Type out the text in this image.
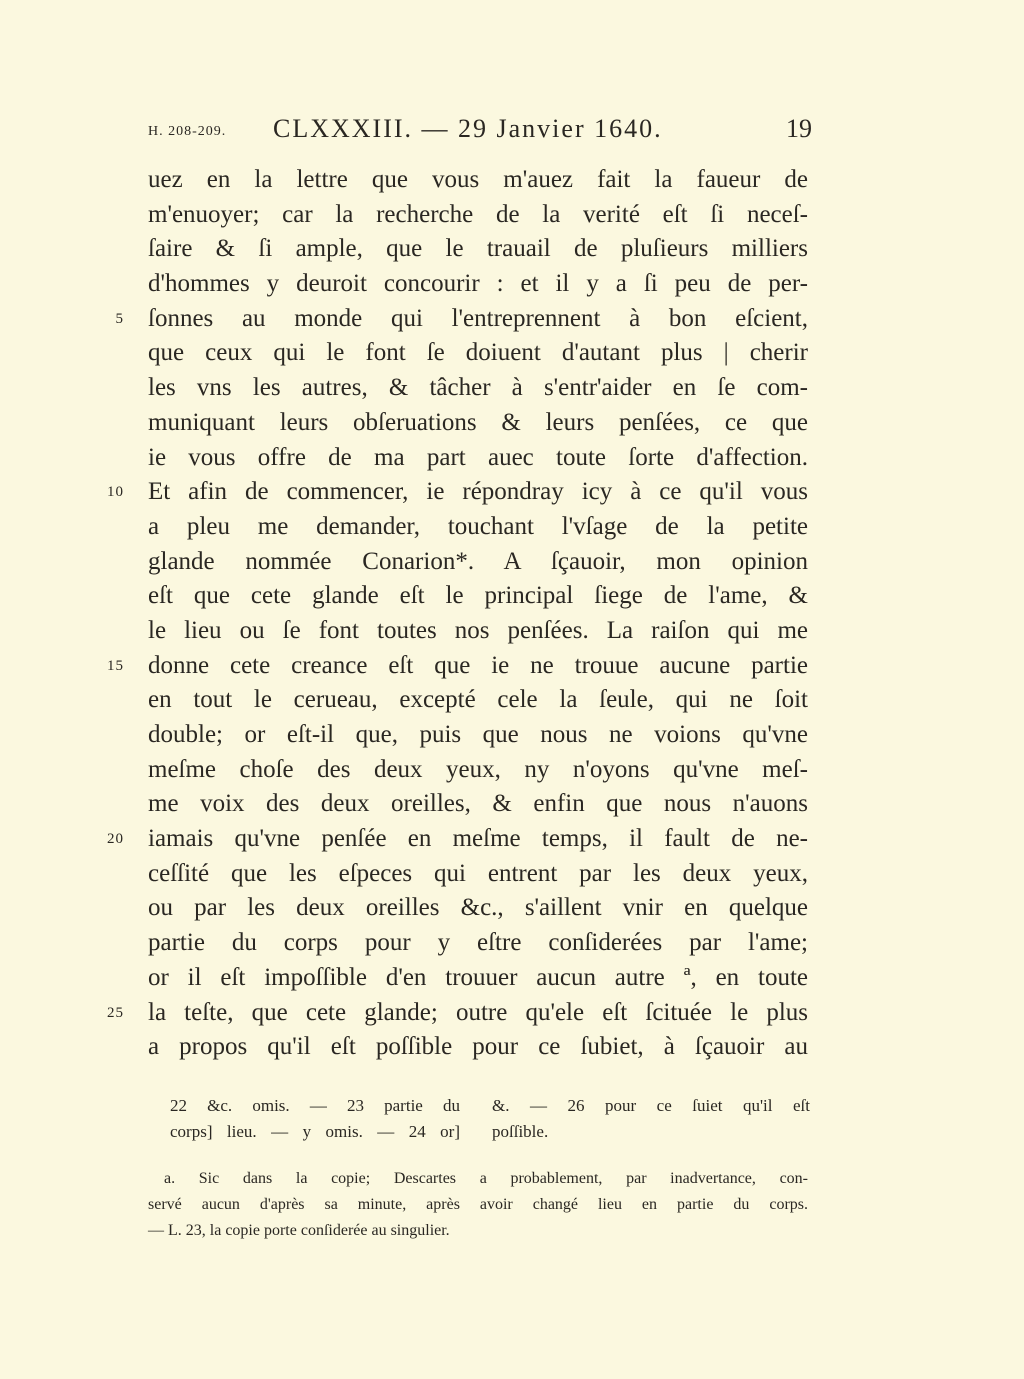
H. 208-209. CLXXXIII. — 29 Janvier 1640.	19
uez en la lettre que vous m'auez fait la faueur de
m'enuoyer; car la recherche de la verité eſt ſi neceſ-
ſaire & ſi ample, que le trauail de pluſieurs milliers
d'hommes y deuroit concourir : et il y a ſi peu de per-
5 ſonnes au monde qui l'entreprennent à bon eſcient,
que ceux qui le font ſe doiuent d'autant plus | cherir
les vns les autres, & tâcher à s'entr'aider en ſe com-
muniquant leurs obſeruations & leurs penſées, ce que
ie vous offre de ma part auec toute ſorte d'affection.
10 Et afin de commencer, ie répondray icy à ce qu'il vous
a pleu me demander, touchant l'vſage de la petite
glande nommée Conarion*. A ſçauoir, mon opinion
eſt que cete glande eſt le principal ſiege de l'ame, &
le lieu ou ſe font toutes nos penſées. La raiſon qui me
15 donne cete creance eſt que ie ne trouue aucune partie
en tout le cerueau, excepté cele la ſeule, qui ne ſoit
double; or eſt-il que, puis que nous ne voions qu'vne
meſme choſe des deux yeux, ny n'oyons qu'vne meſ-
me voix des deux oreilles, & enfin que nous n'auons
20 iamais qu'vne penſée en meſme temps, il fault de ne-
ceſſité que les eſpeces qui entrent par les deux yeux,
ou par les deux oreilles &c., s'aillent vnir en quelque
partie du corps pour y eſtre conſiderées par l'ame;
or il eſt impoſſible d'en trouuer aucun autre ª, en toute
25 la teſte, que cete glande; outre qu'ele eſt ſcituée le plus
a propos qu'il eſt poſſible pour ce ſubiet, à ſçauoir au
22 &c. omis. — 23 partie du
corps] lieu. — y omis. — 24 or]
&. — 26 pour ce ſuiet qu'il eſt
poſſible.
a. Sic dans la copie; Descartes a probablement, par inadvertance, con-
servé aucun d'après sa minute, après avoir changé lieu en partie du corps.
— L. 23, la copie porte conſiderée au singulier.
